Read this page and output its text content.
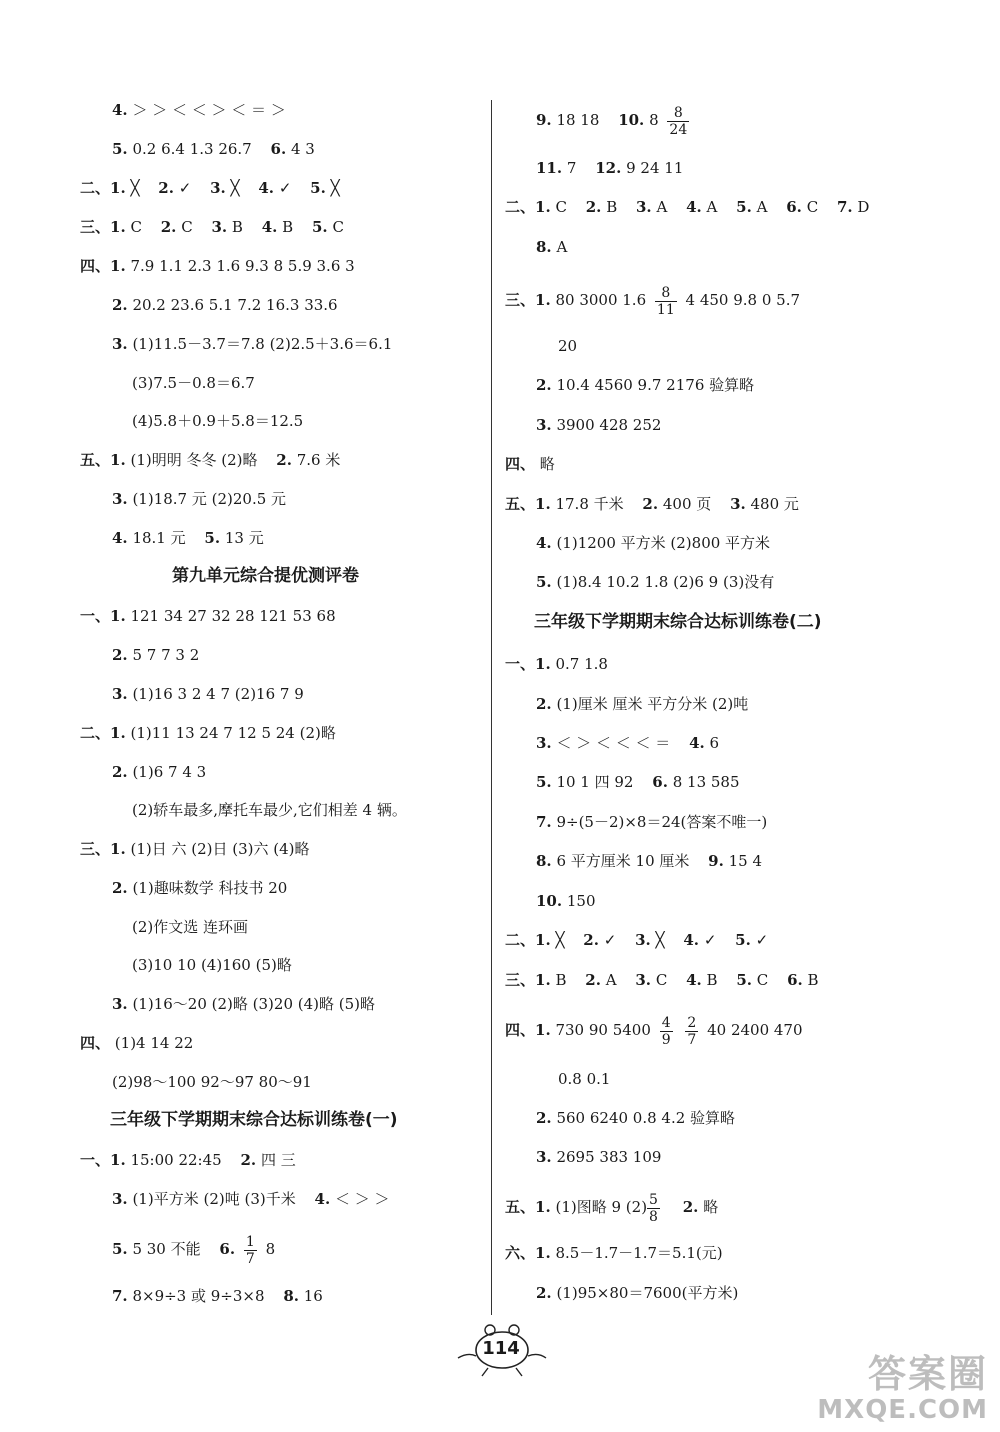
4. ＞ ＞ ＜ ＜ ＞ ＜ ＝ ＞
5. 0.2 6.4 1.3 26.7 6. 4 3
二、1. ╳ 2. ✓ 3. ╳ 4. ✓ 5. ╳
三、1. C 2. C 3. B 4. B 5. C
四、1. 7.9 1.1 2.3 1.6 9.3 8 5.9 3.6 3
2. 20.2 23.6 5.1 7.2 16.3 33.6
3. (1)11.5－3.7＝7.8 (2)2.5＋3.6＝6.1
(3)7.5－0.8＝6.7
(4)5.8＋0.9＋5.8＝12.5
五、1. (1)明明 冬冬 (2)略 2. 7.6 米
3. (1)18.7 元 (2)20.5 元
4. 18.1 元 5. 13 元
第九单元综合提优测评卷
一、1. 121 34 27 32 28 121 53 68
2. 5 7 7 3 2
3. (1)16 3 2 4 7 (2)16 7 9
二、1. (1)11 13 24 7 12 5 24 (2)略
2. (1)6 7 4 3
(2)轿车最多,摩托车最少,它们相差 4 辆。
三、1. (1)日 六 (2)日 (3)六 (4)略
2. (1)趣味数学 科技书 20
(2)作文选 连环画
(3)10 10 (4)160 (5)略
3. (1)16～20 (2)略 (3)20 (4)略 (5)略
四、 (1)4 14 22
(2)98～100 92～97 80～91
三年级下学期期末综合达标训练卷(一)
一、1. 15:00 22:45 2. 四 三
3. (1)平方米 (2)吨 (3)千米 4. ＜ ＞ ＞
5. 5 30 不能 6. $\frac{1}{7} 8$
7. 8×9÷3 或 9÷3×8 8. 16
9. 18 18 10. $8 \frac{8}{24}$
11. 7 12. 9 24 11
二、1. C 2. B 3. A 4. A 5. A 6. C 7. D
8. A
三、1. 80 3000 $1.6 \frac{8}{11} 4$ 450 9.8 0 5.7
20
2. 10.4 4560 9.7 2176 验算略
3. 3900 428 252
四、 略
五、1. 17.8 千米 2. 400 页 3. 480 元
4. (1)1200 平方米 (2)800 平方米
5. (1)8.4 10.2 1.8 (2)6 9 (3)没有
三年级下学期期末综合达标训练卷(二)
一、1. 0.7 1.8
2. (1)厘米 厘米 平方分米 (2)吨
3. ＜ ＞ ＜ ＜ ＜ ＝ 4. 6
5. 10 1 四 92 6. 8 13 585
7. 9÷(5－2)×8＝24(答案不唯一)
8. 6 平方厘米 10 厘米 9. 15 4
10. 150
二、1. ╳ 2. ✓ 3. ╳ 4. ✓ 5. ✓
三、1. B 2. A 3. C 4. B 5. C 6. B
四、1. 730 90 $5400 \frac{4}{9}$
$\frac{2}{7} 40$ 2400 470
0.8 0.1
2. 560 6240 0.8 4.2 验算略
3. 2695 383 109
五、1. (1)图略 9 $(2) \frac{5}{8} 2$. 略
六、1. 8.5－1.7－1.7＝5.1(元)
2. (1)95×80＝7600(平方米)
114
答案圈
MXQE.COM
